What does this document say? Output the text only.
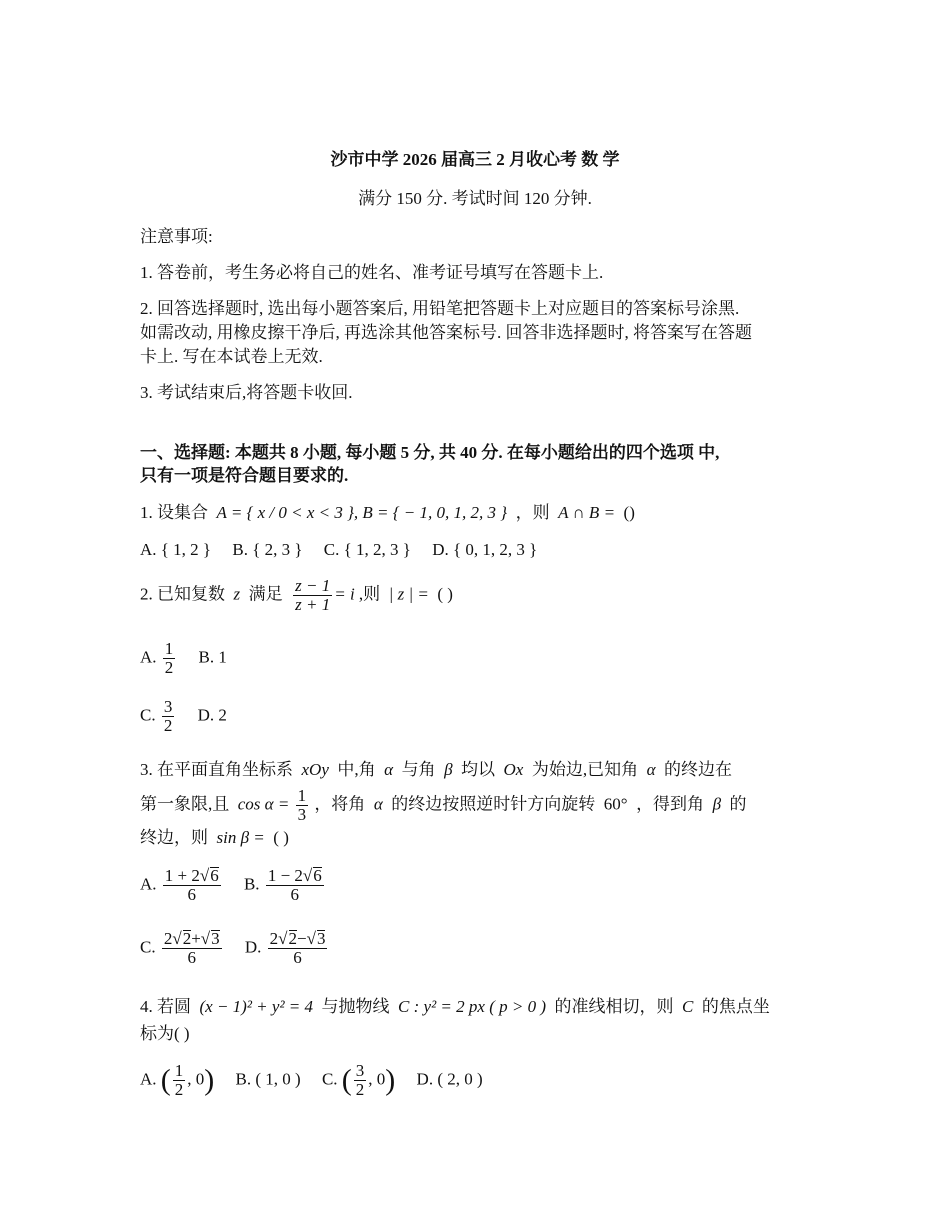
沙市中学 2026 届高三 2 月收心考 数 学
满分 150 分. 考试时间 120 分钟.
注意事项:
1. 答卷前，考生务必将自己的姓名、准考证号填写在答题卡上.
2. 回答选择题时, 选出每小题答案后, 用铅笔把答题卡上对应题目的答案标号涂黑.
如需改动, 用橡皮擦干净后, 再选涂其他答案标号. 回答非选择题时, 将答案写在答题
卡上. 写在本试卷上无效.
3. 考试结束后,将答题卡收回.
一、选择题: 本题共 8 小题, 每小题 5 分, 共 40 分. 在每小题给出的四个选项 中,
只有一项是符合题目要求的.
1. 设集合 A = { x / 0 < x < 3 }, B = { − 1, 0, 1, 2, 3 } ，则 A ∩ B = ()
A. { 1, 2 } B. { 2, 3 } C. { 1, 2, 3 } D. { 0, 1, 2, 3 }
2. 已知复数 z 满足 $\frac{z - 1}{z + 1} = i$ ,则 | z | = ( )
A. $\frac{1}{2} B$. 1
C. $\frac{3}{2} D$. 2
3. 在平面直角坐标系 xOy 中,角 α 与角 β 均以 Ox 为始边,已知角 α 的终边在
第一象限,且 $\cos \alpha = \frac{1}{3}$ ，将角 α 的终边按照逆时针方向旋转 60° ，得到角 β 的
终边，则 sin β = ( )
A. $\frac{1 + 2√6}{6} B$. $\frac{1 - 2√6}{6}$
C. $\frac{2√2+√3}{6} D$. $\frac{2√2-√3}{6}$
4. 若圆 (x − 1)² + y² = 4 与抛物线 C : y² = 2 px ( p > 0 ) 的准线相切，则 C 的焦点坐
标为( )
A. ( $\frac{1}{2}$ , 0) B. ( 1, 0 ) C. ( $\frac{3}{2}$ , 0) D. ( 2, 0 )
